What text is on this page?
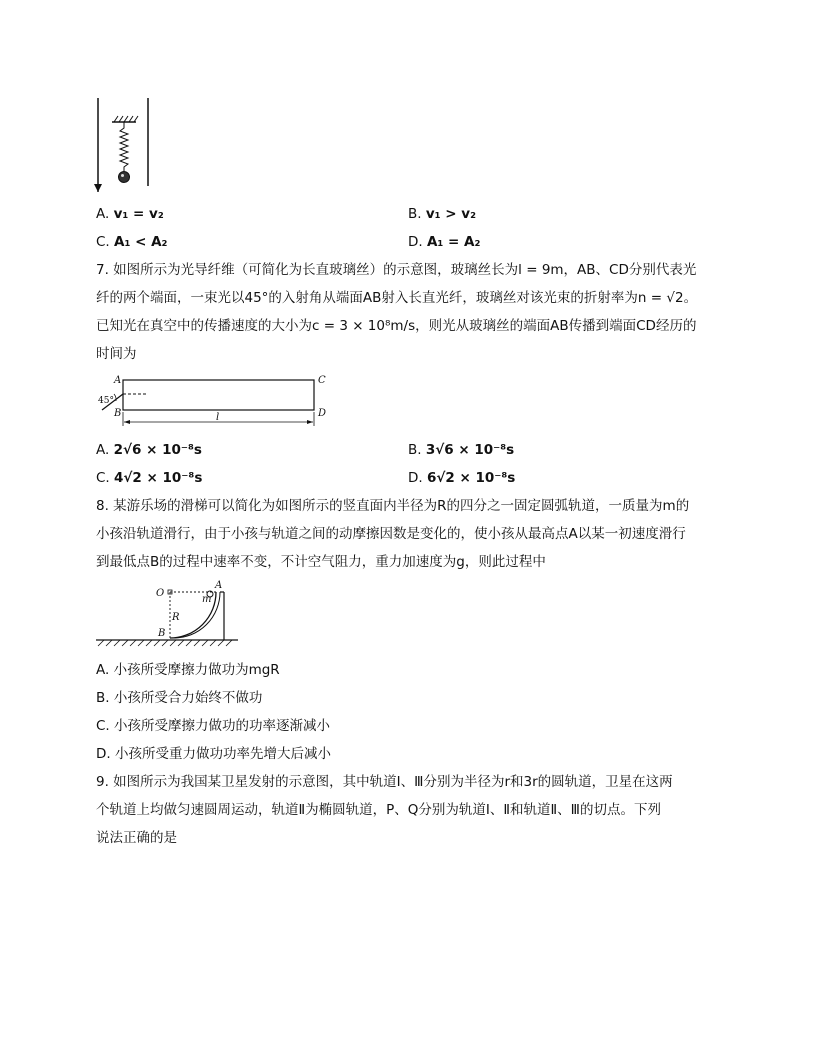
A. v₁ = v₂	B. v₁ > v₂
C. A₁ < A₂	D. A₁ = A₂
7. 如图所示为光导纤维（可简化为长直玻璃丝）的示意图，玻璃丝长为l = 9m，AB、CD分别代表光
纤的两个端面，一束光以45°的入射角从端面AB射入长直光纤，玻璃丝对该光束的折射率为n = √2。
已知光在真空中的传播速度的大小为c = 3 × 10⁸m/s，则光从玻璃丝的端面AB传播到端面CD经历的
时间为
A
B
C
D
45°
l
A. 2√6 × 10⁻⁸s	B. 3√6 × 10⁻⁸s
C. 4√2 × 10⁻⁸s	D. 6√2 × 10⁻⁸s
8. 某游乐场的滑梯可以简化为如图所示的竖直面内半径为R的四分之一固定圆弧轨道，一质量为m的
小孩沿轨道滑行，由于小孩与轨道之间的动摩擦因数是变化的，使小孩从最高点A以某一初速度滑行
到最低点B的过程中速率不变，不计空气阻力，重力加速度为g，则此过程中
O
A
B
R
m
A. 小孩所受摩擦力做功为mgR
B. 小孩所受合力始终不做功
C. 小孩所受摩擦力做功的功率逐渐减小
D. 小孩所受重力做功功率先增大后减小
9. 如图所示为我国某卫星发射的示意图，其中轨道Ⅰ、Ⅲ分别为半径为r和3r的圆轨道，卫星在这两
个轨道上均做匀速圆周运动，轨道Ⅱ为椭圆轨道，P、Q分别为轨道Ⅰ、Ⅱ和轨道Ⅱ、Ⅲ的切点。下列
说法正确的是
